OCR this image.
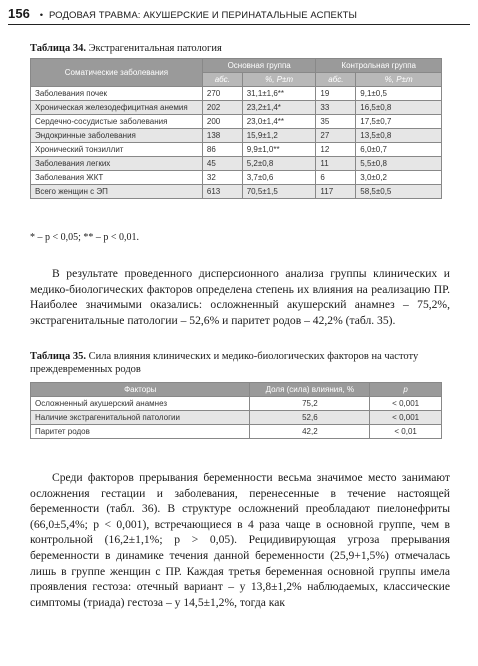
156 • РОДОВАЯ ТРАВМА: АКУШЕРСКИЕ И ПЕРИНАТАЛЬНЫЕ АСПЕКТЫ
Таблица 34. Экстрагенитальная патология
Соматические заболевания	Основная группа		Контрольная группа	
	абс.	%, P±m	абс.	%, P±m
Заболевания почек	270	31,1±1,6**	19	9,1±0,5
Хроническая железодефицитная анемия	202	23,2±1,4*	33	16,5±0,8
Сердечно-сосудистые заболевания	200	23,0±1,4**	35	17,5±0,7
Эндокринные заболевания	138	15,9±1,2	27	13,5±0,8
Хронический тонзиллит	86	9,9±1,0**	12	6,0±0,7
Заболевания легких	45	5,2±0,8	11	5,5±0,8
Заболевания ЖКТ	32	3,7±0,6	6	3,0±0,2
Всего женщин с ЭП	613	70,5±1,5	117	58,5±0,5
* – p < 0,05; ** – p < 0,01.

В результате проведенного дисперсионного анализа группы клинических и медико-биологических факторов определена степень их влияния на реализацию ПР. Наиболее значимыми оказались: осложненный акушерский анамнез – 75,2%, экстрагенитальные патологии – 52,6% и паритет родов – 42,2% (табл. 35).

Таблица 35. Сила влияния клинических и медико-биологических факторов на частоту преждевременных родов
Факторы	Доля (сила) влияния, %	p
Осложненный акушерский анамнез	75,2	< 0,001
Наличие экстрагенитальной патологии	52,6	< 0,001
Паритет родов	42,2	< 0,01

Среди факторов прерывания беременности весьма значимое место занимают осложнения гестации и заболевания, перенесенные в течение настоящей беременности (табл. 36). В структуре осложнений преобладают пиелонефриты (66,0±5,4%; p < 0,001), встречающиеся в 4 раза чаще в основной группе, чем в контрольной (16,2±1,1%; p > 0,05). Рецидивирующая угроза прерывания беременности в динамике течения данной беременности (25,9+1,5%) отмечалась лишь в группе женщин с ПР. Каждая третья беременная основной группы имела проявления гестоза: отечный вариант – у 13,8±1,2% наблюдаемых, классические симптомы (триада) гестоза – у 14,5±1,2%, тогда как
